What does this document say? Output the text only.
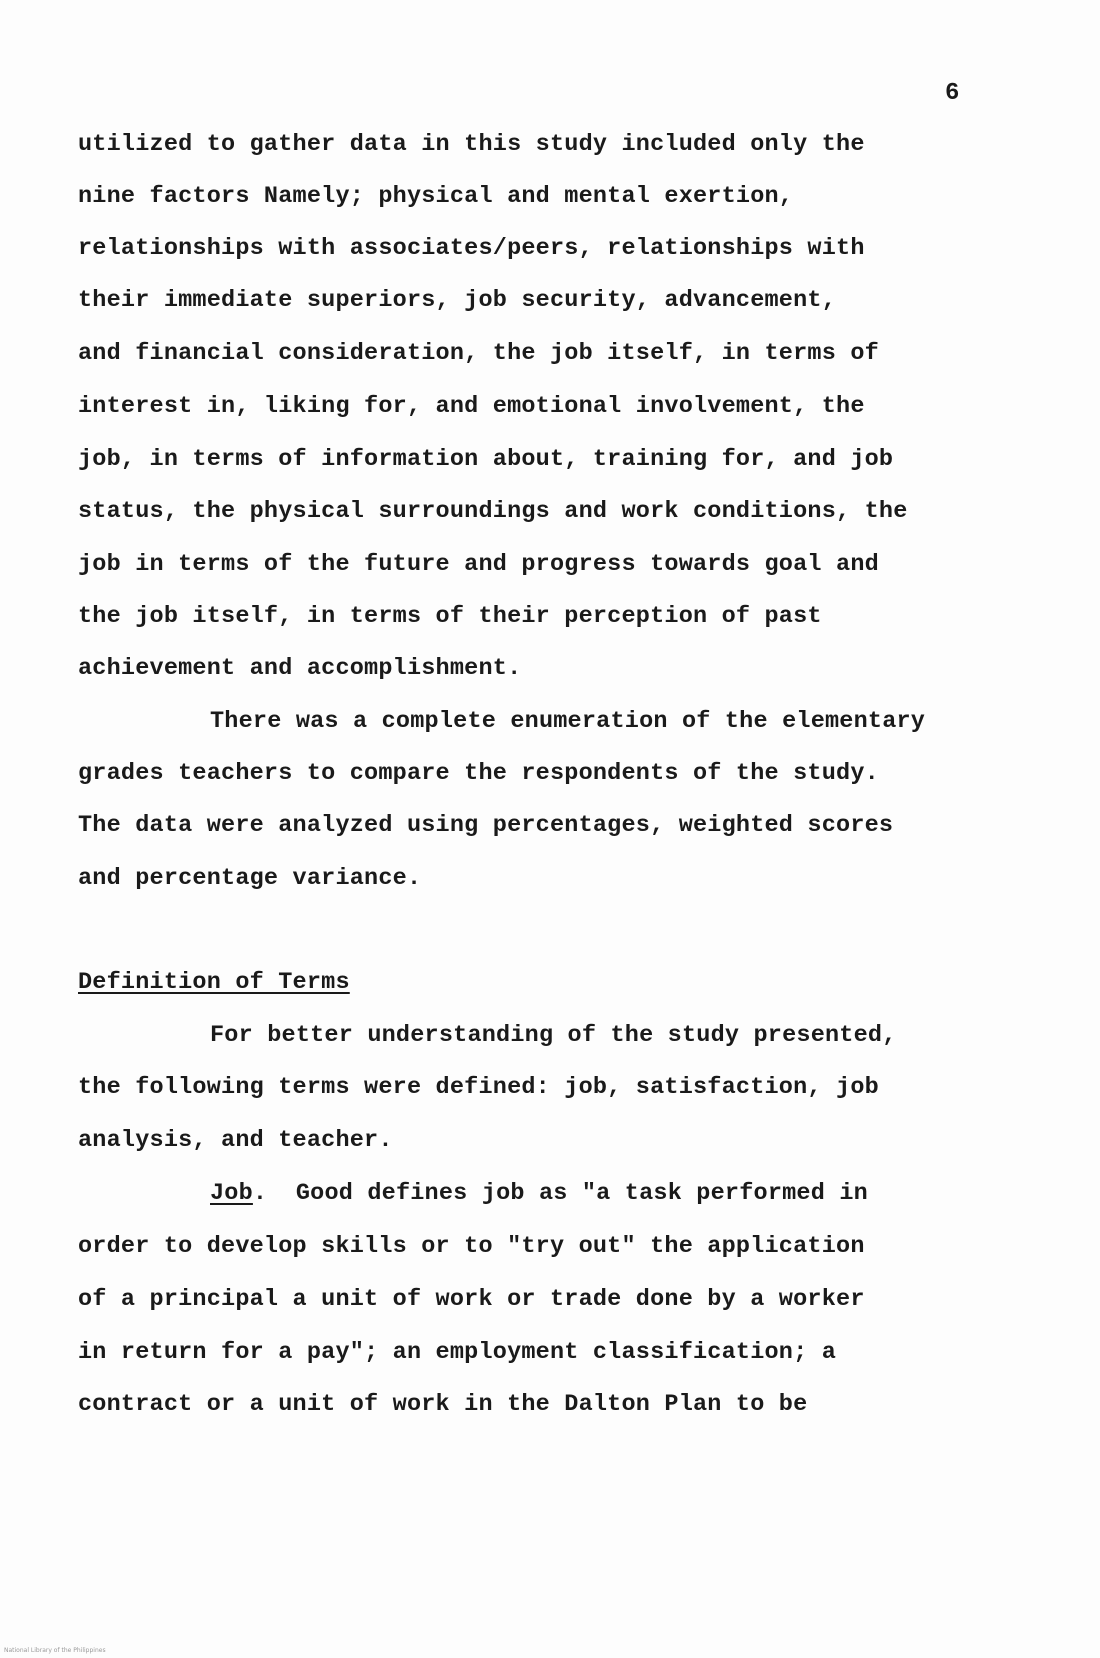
6
utilized to gather data in this study included only the
nine factors Namely; physical and mental exertion,
relationships with associates/peers, relationships with
their immediate superiors, job security, advancement,
and financial consideration, the job itself, in terms of
interest in, liking for, and emotional involvement, the
job, in terms of information about, training for, and job
status, the physical surroundings and work conditions, the
job in terms of the future and progress towards goal and
the job itself, in terms of their perception of past
achievement and accomplishment.
There was a complete enumeration of the elementary
grades teachers to compare the respondents of the study.
The data were analyzed using percentages, weighted scores
and percentage variance.
Definition of Terms
For better understanding of the study presented,
the following terms were defined: job, satisfaction, job
analysis, and teacher.
Job.  Good defines job as "a task performed in
order to develop skills or to "try out" the application
of a principal a unit of work or trade done by a worker
in return for a pay"; an employment classification; a
contract or a unit of work in the Dalton Plan to be
National Library of the Philippines
